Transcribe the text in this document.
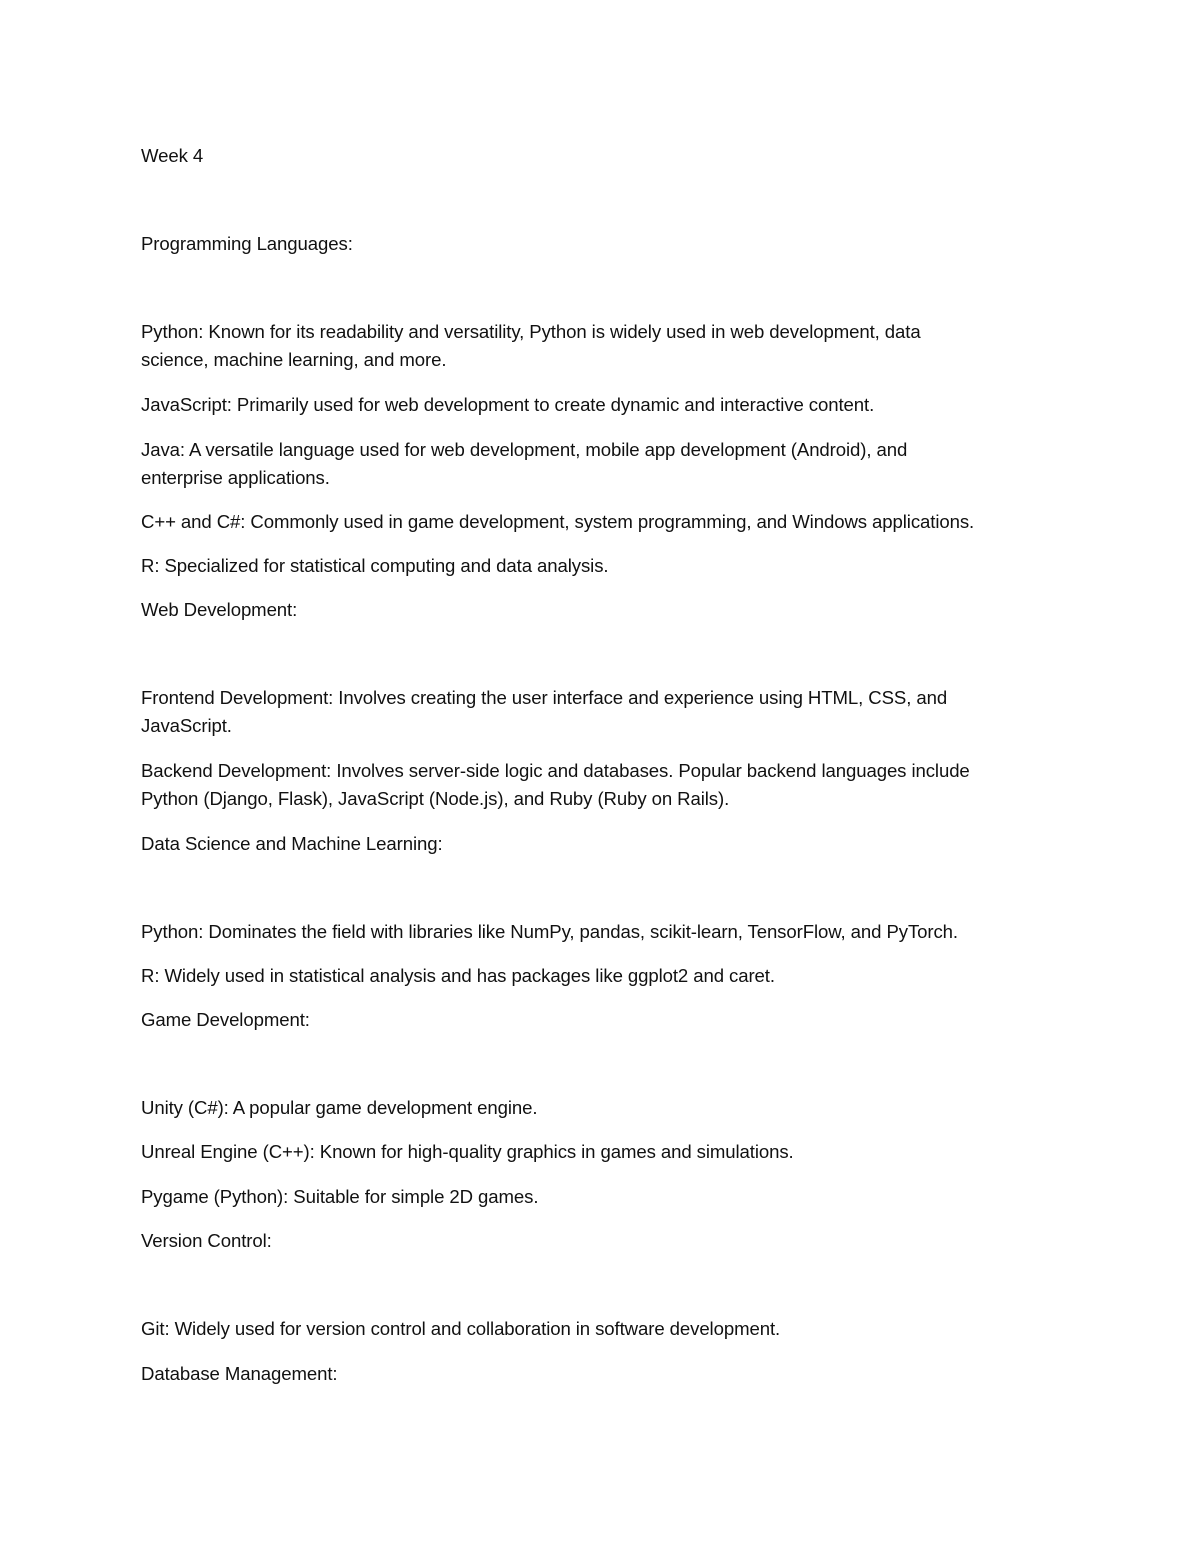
Week 4

Programming Languages:

Python: Known for its readability and versatility, Python is widely used in web development, data

science, machine learning, and more.

JavaScript: Primarily used for web development to create dynamic and interactive content.

Java: A versatile language used for web development, mobile app development (Android), and

enterprise applications.

C++ and C#: Commonly used in game development, system programming, and Windows applications.

R: Specialized for statistical computing and data analysis.

Web Development:

Frontend Development: Involves creating the user interface and experience using HTML, CSS, and

JavaScript.

Backend Development: Involves server-side logic and databases. Popular backend languages include

Python (Django, Flask), JavaScript (Node.js), and Ruby (Ruby on Rails).

Data Science and Machine Learning:

Python: Dominates the field with libraries like NumPy, pandas, scikit-learn, TensorFlow, and PyTorch.

R: Widely used in statistical analysis and has packages like ggplot2 and caret.

Game Development:

Unity (C#): A popular game development engine.

Unreal Engine (C++): Known for high-quality graphics in games and simulations.

Pygame (Python): Suitable for simple 2D games.

Version Control:

Git: Widely used for version control and collaboration in software development.

Database Management:
